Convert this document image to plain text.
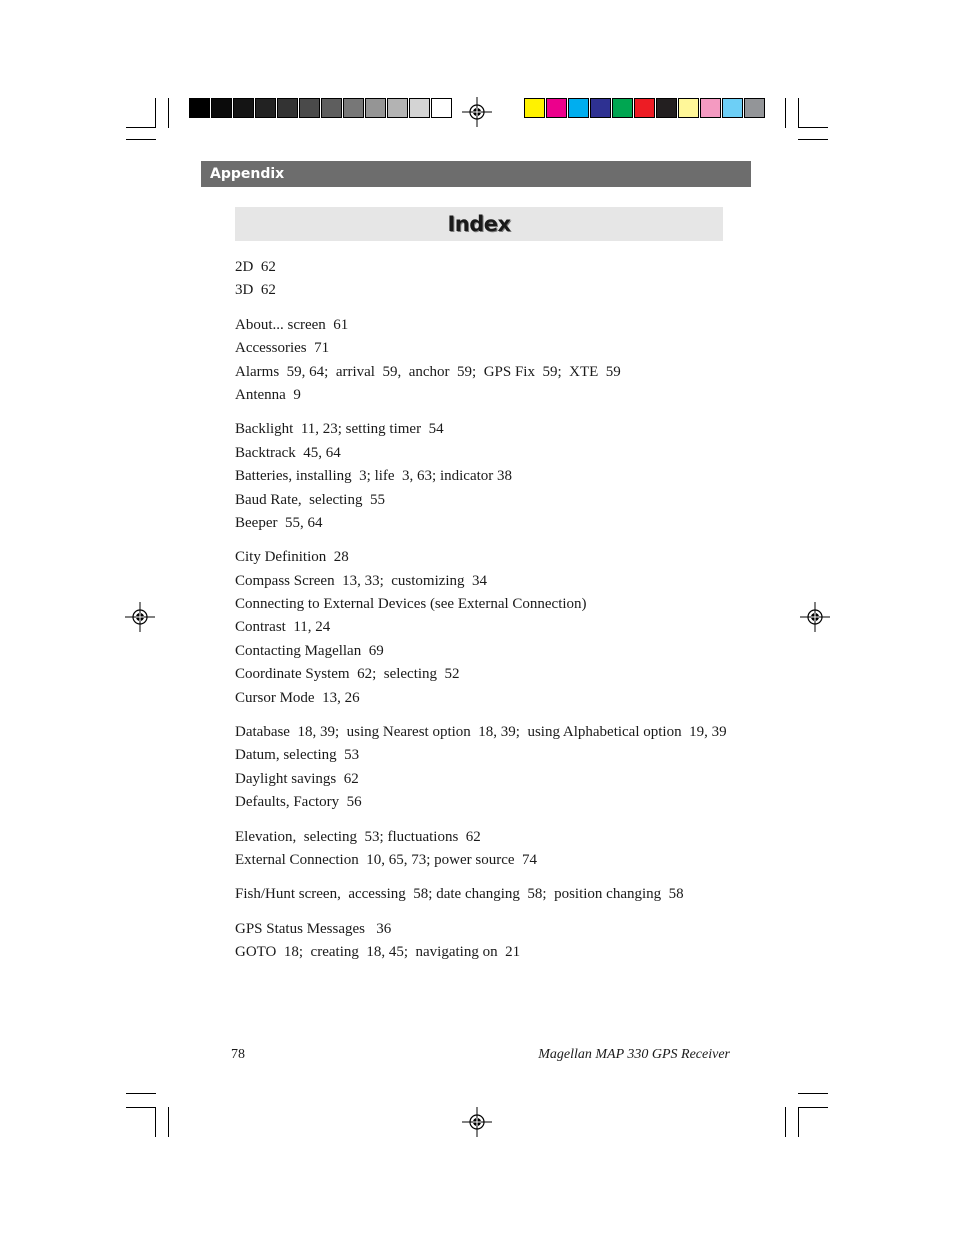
Appendix
Index
2D  62
3D  62
About... screen  61
Accessories  71
Alarms  59, 64;  arrival  59,  anchor  59;  GPS Fix  59;  XTE  59
Antenna  9
Backlight  11, 23; setting timer  54
Backtrack  45, 64
Batteries, installing  3; life  3, 63; indicator 38
Baud Rate,  selecting  55
Beeper  55, 64
City Definition  28
Compass Screen  13, 33;  customizing  34
Connecting to External Devices (see External Connection)
Contrast  11, 24
Contacting Magellan  69
Coordinate System  62;  selecting  52
Cursor Mode  13, 26
Database  18, 39;  using Nearest option  18, 39;  using Alphabetical option  19, 39
Datum, selecting  53
Daylight savings  62
Defaults, Factory  56
Elevation,  selecting  53; fluctuations  62
External Connection  10, 65, 73; power source  74
Fish/Hunt screen,  accessing  58; date changing  58;  position changing  58
GPS Status Messages   36
GOTO  18;  creating  18, 45;  navigating on  21
78	Magellan MAP 330 GPS Receiver
